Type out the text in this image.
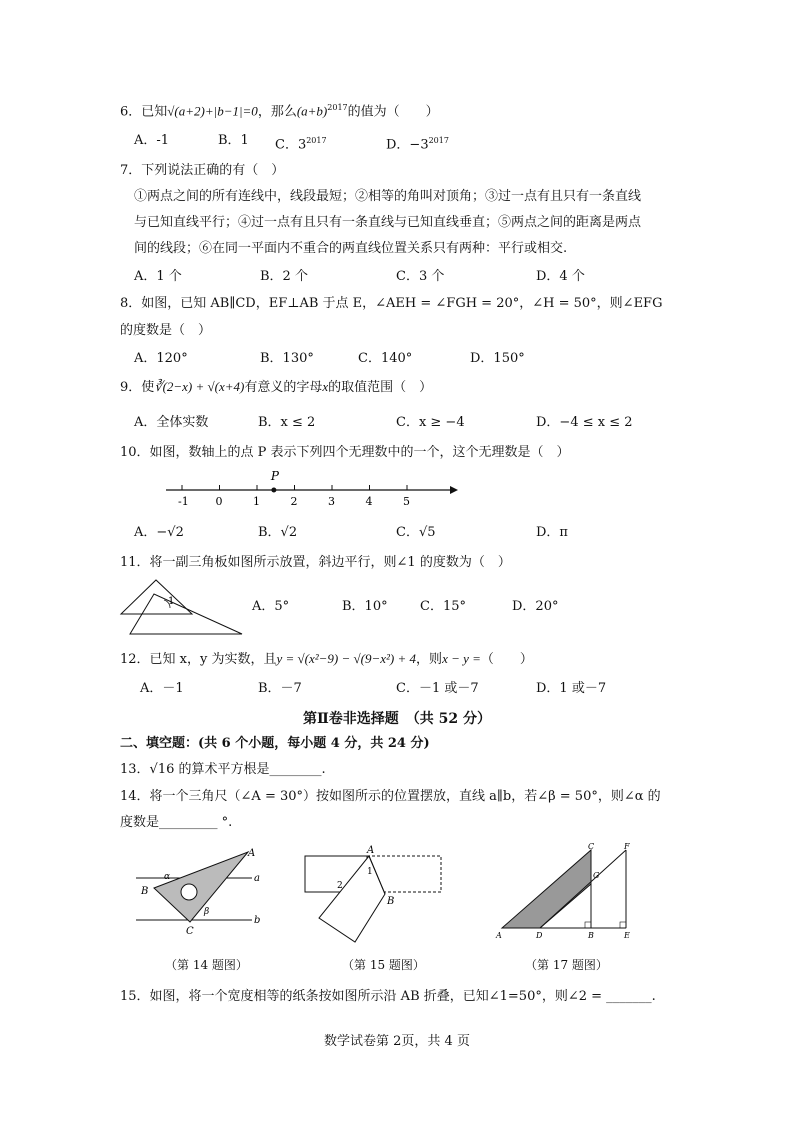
6．已知√(a+2)+|b−1|=0，那么$(a+b)^{2017}$的值为（　　）
A．-1	B．1 C．$3^{2017}$	D．$-3^{2017}$
7．下列说法正确的有（　）
①两点之间的所有连线中，线段最短；②相等的角叫对顶角；③过一点有且只有一条直线
与已知直线平行；④过一点有且只有一条直线与已知直线垂直；⑤两点之间的距离是两点
间的线段；⑥在同一平面内不重合的两直线位置关系只有两种：平行或相交.
A．1 个	B．2 个	C．3 个	D．4 个
8．如图，已知 AB∥CD，EF⊥AB 于点 E，∠AEH = ∠FGH = 20°，∠H = 50°，则∠EFG
的度数是（　）
A．120°	B．130°	C．140°	D．150°
9．使∛(2−x) + √(x+4)有意义的字母x的取值范围（　）
A．全体实数	B．x ≤ 2	C．x ≥ −4	D．−4 ≤ x ≤ 2
10．如图，数轴上的点 P 表示下列四个无理数中的一个，这个无理数是（　）
-1 0	1	2	3	4	5
P
A．−√2	B．√2	C．√5	D．π
11．将一副三角板如图所示放置，斜边平行，则∠1 的度数为（　）
1	A．5°	B．10° C．15°	D．20°
12．已知 x，y 为实数，且y = √(x²−9) − √(9−x²) + 4，则x − y =（　　）
A．－1	B．－7	C．－1 或－7	D．1 或－7
第Ⅱ卷非选择题　（共 52 分）
二、填空题：(共 6 个小题，每小题 4 分，共 24 分)
13．√16 的算术平方根是________.
14．将一个三角尺（∠A = 30°）按如图所示的位置摆放，直线 a∥b，若∠β = 50°，则∠α 的
度数是_________ °.
A
B
C
a
b
α
β
（第 14 题图）
A
B
1
2
（第 15 题图）
A	D	B
C
G
F
E
（第 17 题图）
15．如图，将一个宽度相等的纸条按如图所示沿 AB 折叠，已知∠1=50°，则∠2 = _______.
数学试卷第 2页，共 4 页
